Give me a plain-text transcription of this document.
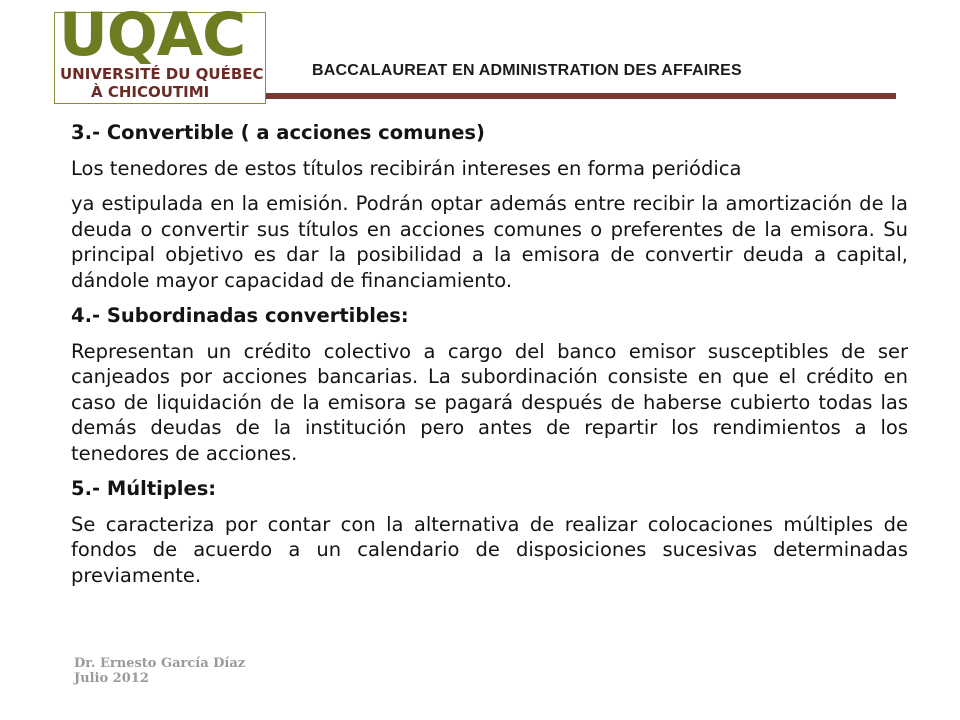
UQAC
UNIVERSITÉ DU QUÉBEC
À CHICOUTIMI
BACCALAUREAT EN ADMINISTRATION DES AFFAIRES

3.- Convertible ( a acciones comunes)

Los tenedores de estos títulos recibirán intereses en forma periódica

ya estipulada en la emisión. Podrán optar además entre recibir la amortización de la deuda o convertir sus títulos en acciones comunes o preferentes de la emisora. Su principal objetivo es dar la posibilidad a la emisora de convertir deuda a capital, dándole mayor capacidad de financiamiento.

4.- Subordinadas convertibles:

Representan un crédito colectivo a cargo del banco emisor susceptibles de ser canjeados por acciones bancarias. La subordinación consiste en que el crédito en caso de liquidación de la emisora se pagará después de haberse cubierto todas las demás deudas de la institución pero antes de repartir los rendimientos a los tenedores de acciones.

5.- Múltiples:

Se caracteriza por contar con la alternativa de realizar colocaciones múltiples de fondos de acuerdo a un calendario de disposiciones sucesivas determinadas previamente.

Dr. Ernesto García Díaz
Julio 2012
